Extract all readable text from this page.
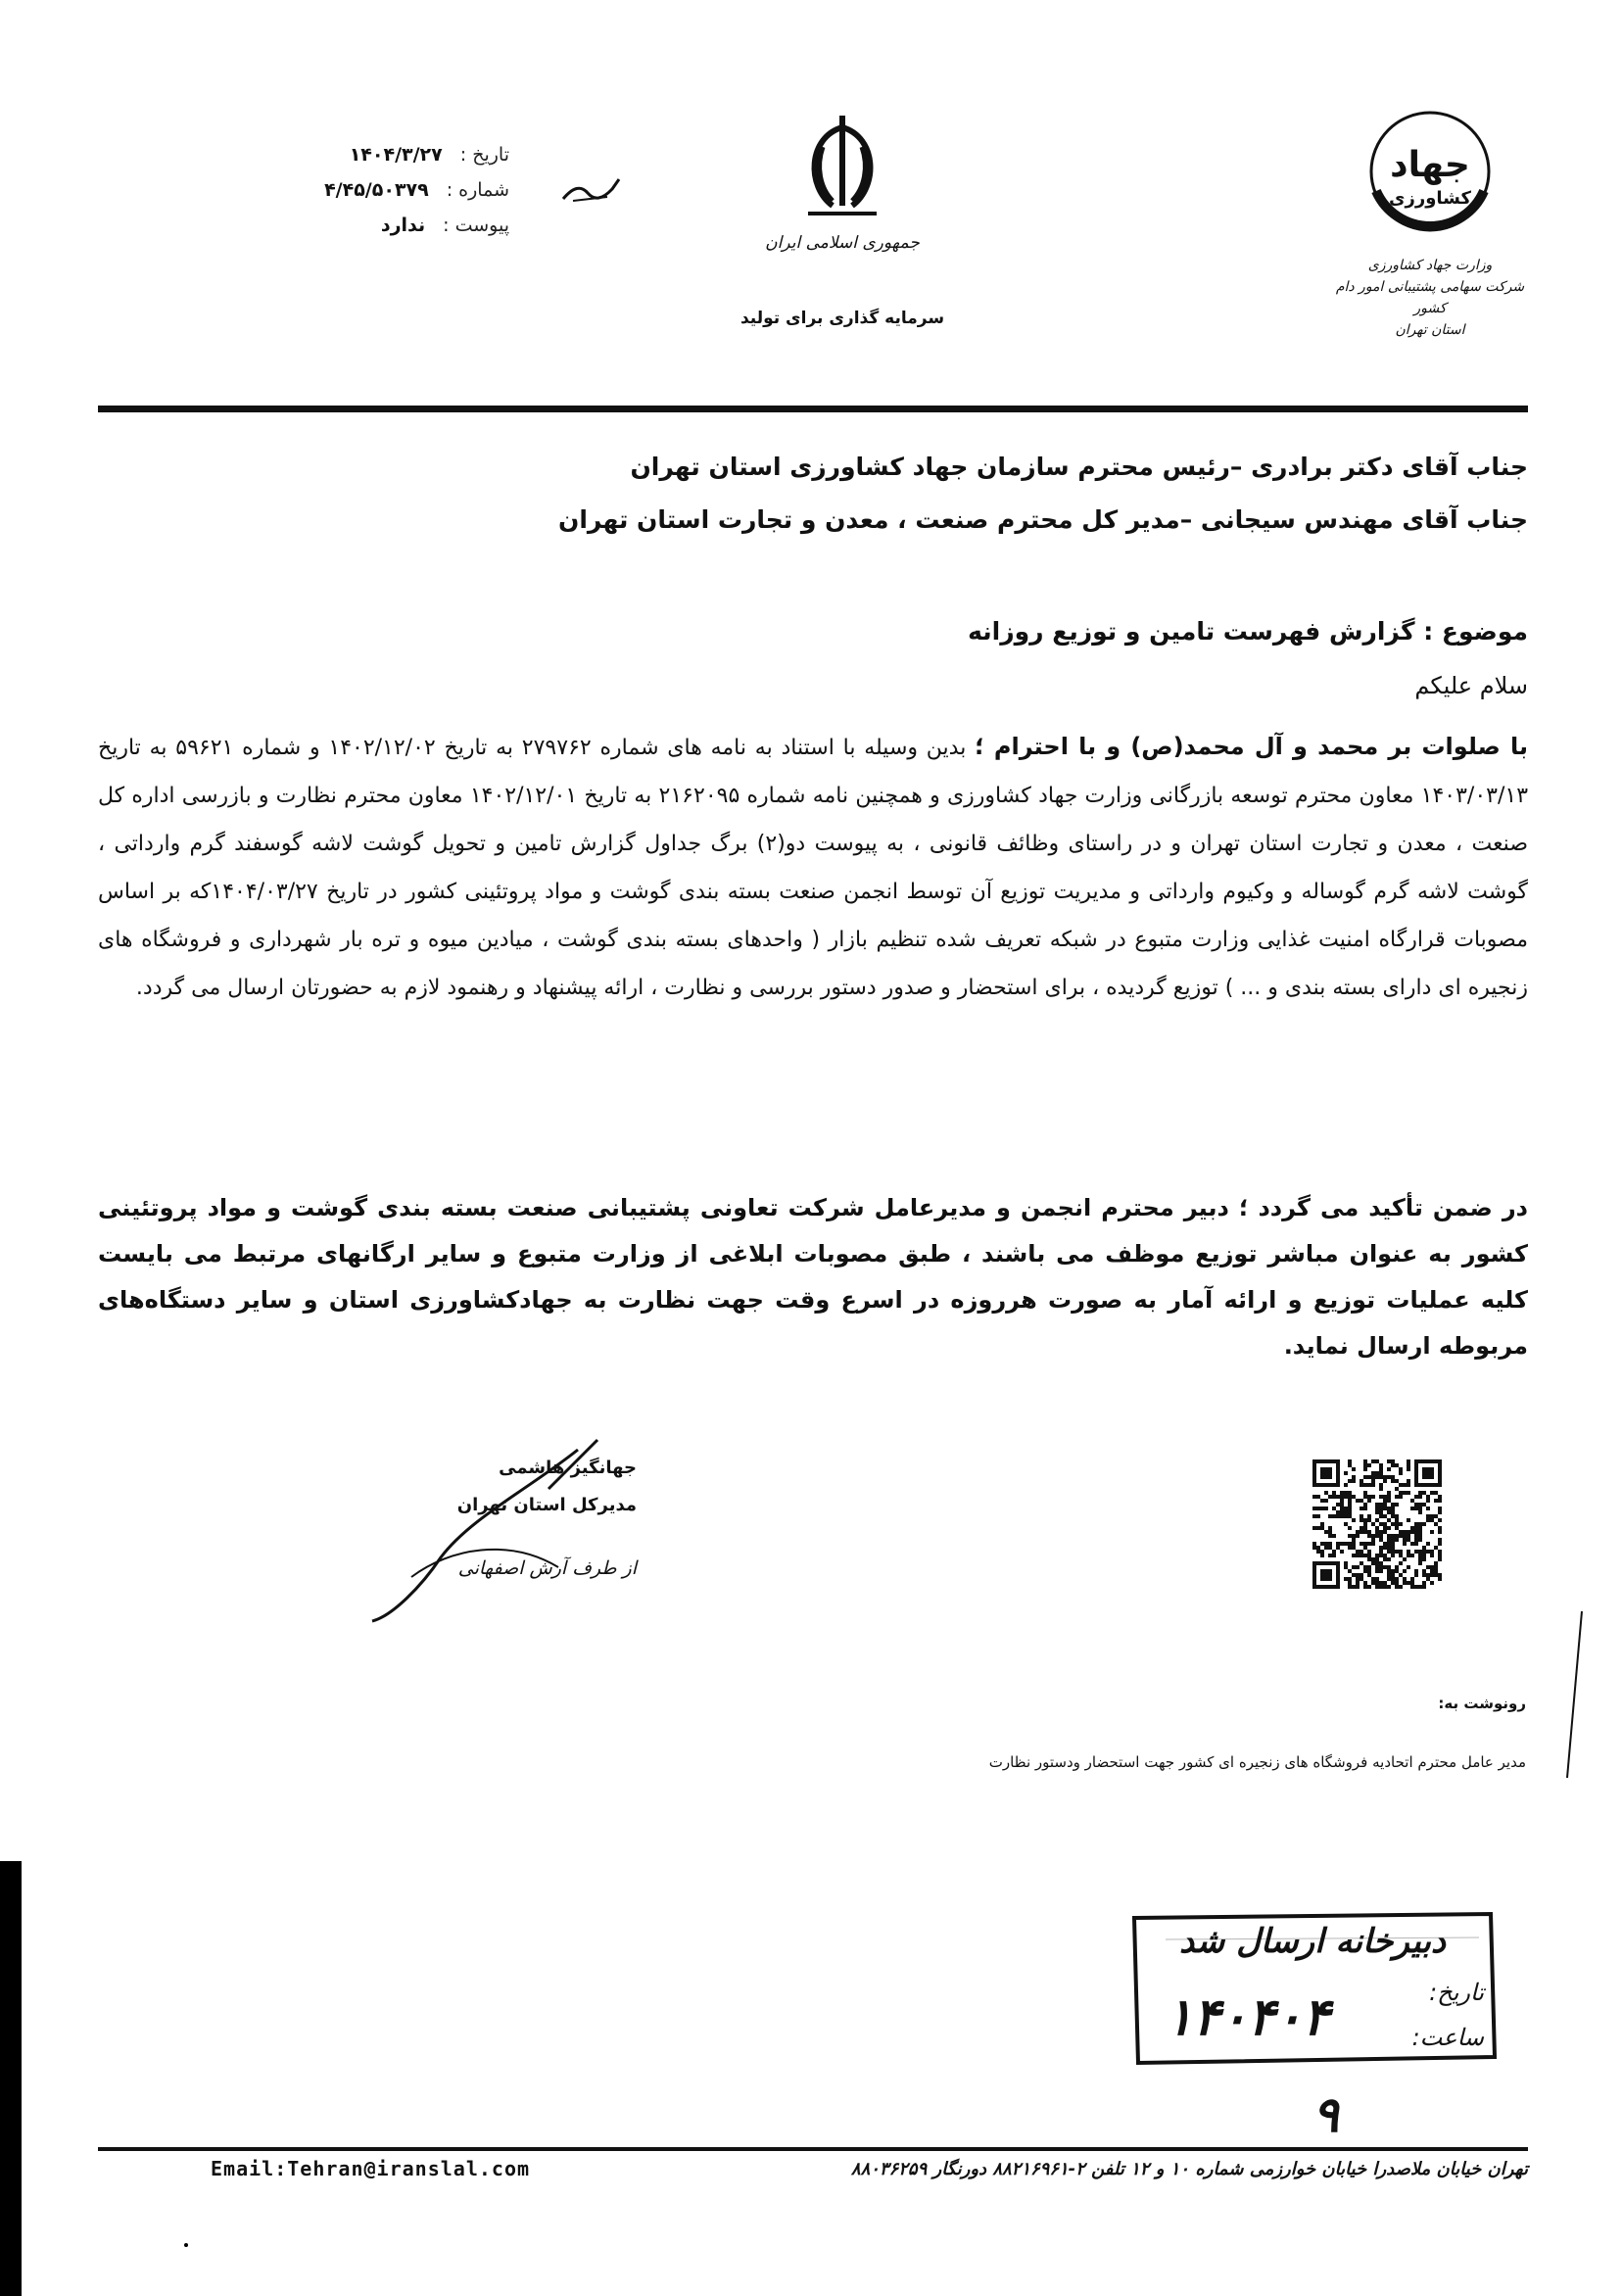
تاریخ :
۱۴۰۴/۳/۲۷
شماره :
۴/۴۵/۵۰۳۷۹
پیوست :
ندارد
جمهوری اسلامی ایران
سرمایه گذاری برای تولید
جهاد
کشاورزی
وزارت جهاد کشاورزی
شرکت سهامی پشتیبانی امور دام کشور
استان تهران
جناب آقای دکتر برادری –رئیس محترم سازمان جهاد کشاورزی استان تهران
جناب آقای مهندس سیجانی –مدیر کل محترم صنعت ، معدن و تجارت استان تهران
موضوع : گزارش فهرست تامین و توزیع روزانه
سلام علیکم
با صلوات بر محمد و آل محمد(ص) و با احترام ؛ بدین وسیله با استناد به نامه های شماره ۲۷۹۷۶۲ به تاریخ ۱۴۰۲/۱۲/۰۲ و شماره ۵۹۶۲۱ به تاریخ ۱۴۰۳/۰۳/۱۳ معاون محترم توسعه بازرگانی وزارت جهاد کشاورزی و همچنین نامه شماره ۲۱۶۲۰۹۵ به تاریخ ۱۴۰۲/۱۲/۰۱ معاون محترم نظارت و بازرسی اداره کل صنعت ، معدن و تجارت استان تهران و در راستای وظائف قانونی ، به پیوست دو(۲) برگ جداول گزارش تامین و تحویل گوشت لاشه گوسفند گرم وارداتی ، گوشت لاشه گرم گوساله و وکیوم وارداتی و مدیریت توزیع آن توسط انجمن صنعت بسته بندی گوشت و مواد پروتئینی کشور در تاریخ ۱۴۰۴/۰۳/۲۷که بر اساس مصوبات قرارگاه امنیت غذایی وزارت متبوع در شبکه تعریف شده تنظیم بازار ( واحدهای بسته بندی گوشت ، میادین میوه و تره بار شهرداری و فروشگاه های زنجیره ای دارای بسته بندی و ... ) توزیع گردیده ، برای استحضار و صدور دستور بررسی و نظارت ، ارائه پیشنهاد و رهنمود لازم به حضورتان ارسال می گردد.
در ضمن تأکید می گردد ؛ دبیر محترم انجمن و مدیرعامل شرکت تعاونی پشتیبانی صنعت بسته بندی گوشت و مواد پروتئینی کشور به عنوان مباشر توزیع موظف می باشند ، طبق مصوبات ابلاغی از وزارت متبوع و سایر ارگانهای مرتبط می بایست کلیه عملیات توزیع و ارائه آمار به صورت هرروزه در اسرع وقت جهت نظارت به جهادکشاورزی استان و سایر دستگاه‌های مربوطه ارسال نماید.
جهانگیز هاشمی
مدیرکل استان تهران
از طرف آرش اصفهانی
رونوشت به:
مدیر عامل محترم اتحادیه فروشگاه های زنجیره ای کشور جهت استحضار ودستور نظارت
دبیرخانه ارسال شد
تاریخ:
ساعت:
۱۴۰۴۰۴
۹
Email:Tehran@iranslal.com	تهران خیابان ملاصدرا خیابان خوارزمی شماره ۱۰ و ۱۲ تلفن ۲-۸۸۲۱۶۹۶۱ دورنگار ۸۸۰۳۶۲۵۹
